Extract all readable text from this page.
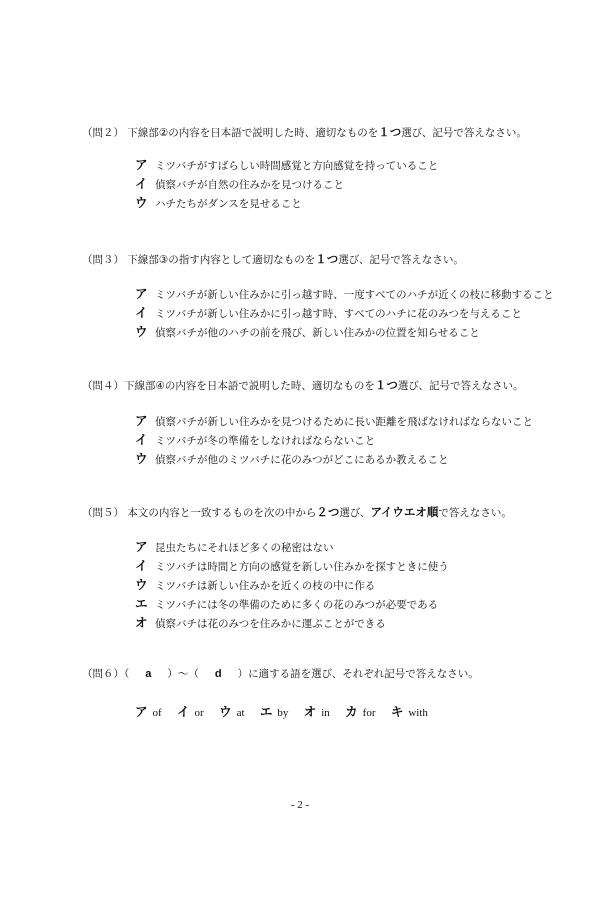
（問２） 下線部②の内容を日本語で説明した時、適切なものを１つ選び、記号で答えなさい。
ア ミツバチがすばらしい時間感覚と方向感覚を持っていること
イ 偵察バチが自然の住みかを見つけること
ウ ハチたちがダンスを見せること
（問３） 下線部③の指す内容として適切なものを１つ選び、記号で答えなさい。
ア ミツバチが新しい住みかに引っ越す時、一度すべてのハチが近くの枝に移動すること
イ ミツバチが新しい住みかに引っ越す時、すべてのハチに花のみつを与えること
ウ 偵察バチが他のハチの前を飛び、新しい住みかの位置を知らせること
（問４）下線部④の内容を日本語で説明した時、適切なものを１つ選び、記号で答えなさい。
ア 偵察バチが新しい住みかを見つけるために長い距離を飛ばなければならないこと
イ ミツバチが冬の準備をしなければならないこと
ウ 偵察バチが他のミツバチに花のみつがどこにあるか教えること
（問５） 本文の内容と一致するものを次の中から２つ選び、アイウエオ順で答えなさい。
ア 昆虫たちにそれほど多くの秘密はない
イ ミツバチは時間と方向の感覚を新しい住みかを探すときに使う
ウ ミツバチは新しい住みかを近くの枝の中に作る
エ ミツバチには冬の準備のために多くの花のみつが必要である
オ 偵察バチは花のみつを住みかに運ぶことができる
（問６）（ a ）～（ d ）に適する語を選び、それぞれ記号で答えなさい。
ア of イ or ウ at エ by オ in カ for キ with
- 2 -
